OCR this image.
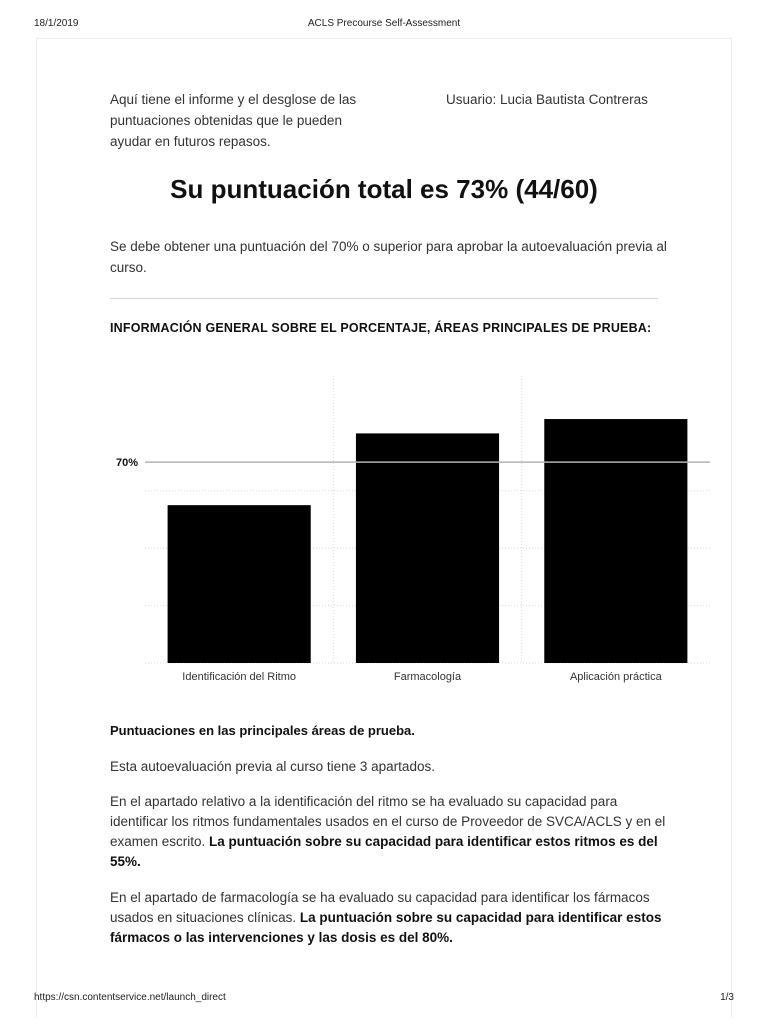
18/1/2019	ACLS Precourse Self-Assessment
Aquí tiene el informe y el desglose de las puntuaciones obtenidas que le pueden ayudar en futuros repasos.
Usuario: Lucia Bautista Contreras
Su puntuación total es 73% (44/60)
Se debe obtener una puntuación del 70% o superior para aprobar la autoevaluación previa al curso.
INFORMACIÓN GENERAL SOBRE EL PORCENTAJE, ÁREAS PRINCIPALES DE PRUEBA:
Identificación del Ritmo	Farmacología	Aplicación práctica
70%
Puntuaciones en las principales áreas de prueba.
Esta autoevaluación previa al curso tiene 3 apartados.
En el apartado relativo a la identificación del ritmo se ha evaluado su capacidad para identificar los ritmos fundamentales usados en el curso de Proveedor de SVCA/ACLS y en el examen escrito. La puntuación sobre su capacidad para identificar estos ritmos es del 55%.
En el apartado de farmacología se ha evaluado su capacidad para identificar los fármacos usados en situaciones clínicas. La puntuación sobre su capacidad para identificar estos fármacos o las intervenciones y las dosis es del 80%.
https://csn.contentservice.net/launch_direct	1/3
